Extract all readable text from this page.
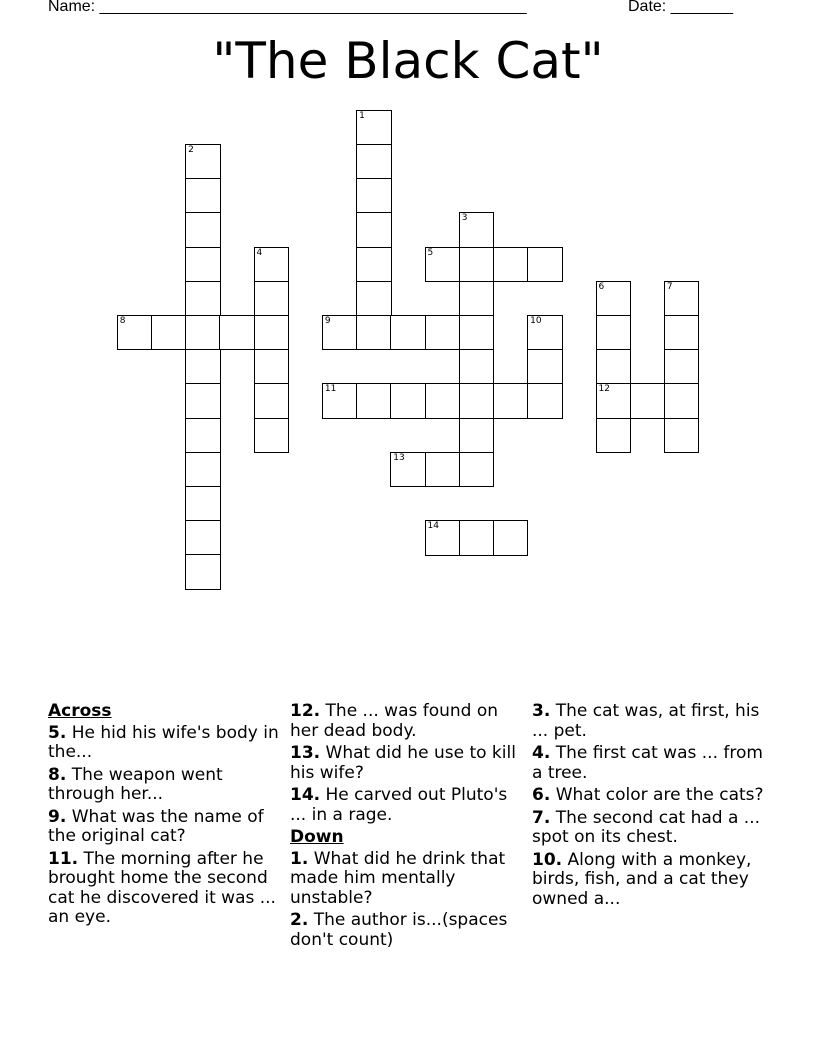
Name: ________________________________________________	Date: _______
"The Black Cat"
1
2
3
4	5
6
12
7
8	9	10
11
13
14
Across
5. He hid his wife's body in the...
8. The weapon went through her...
9. What was the name of the original cat?
11. The morning after he brought home the second cat he discovered it was ... an eye.
12. The ... was found on her dead body.
13. What did he use to kill his wife?
14. He carved out Pluto's ... in a rage.
Down
1. What did he drink that made him mentally unstable?
2. The author is...(spaces don't count)
3. The cat was, at first, his ... pet.
4. The first cat was ... from a tree.
6. What color are the cats?
7. The second cat had a ... spot on its chest.
10. Along with a monkey, birds, fish, and a cat they owned a...
